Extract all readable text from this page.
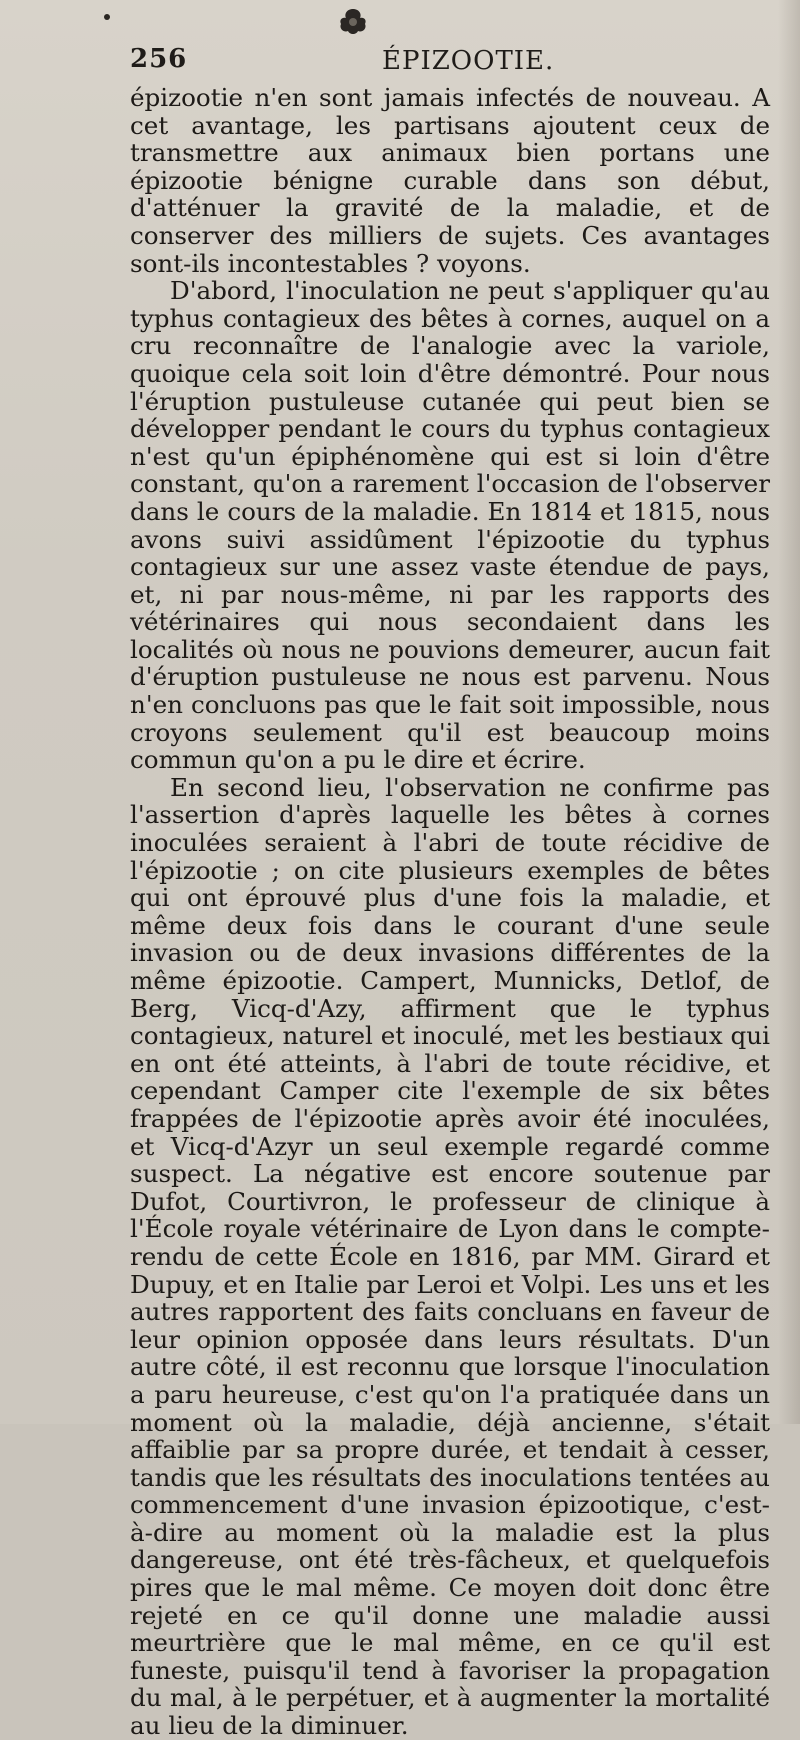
256	ÉPIZOOTIE.

épizootie n'en sont jamais infectés de nouveau. A cet avantage, les partisans ajoutent ceux de transmettre aux animaux bien portans une épizootie bénigne curable dans son début, d'atténuer la gravité de la maladie, et de conserver des milliers de sujets. Ces avantages sont-ils incontestables ? voyons.

D'abord, l'inoculation ne peut s'appliquer qu'au typhus contagieux des bêtes à cornes, auquel on a cru reconnaître de l'analogie avec la variole, quoique cela soit loin d'être démontré. Pour nous l'éruption pustuleuse cutanée qui peut bien se développer pendant le cours du typhus contagieux n'est qu'un épiphénomène qui est si loin d'être constant, qu'on a rarement l'occasion de l'observer dans le cours de la maladie. En 1814 et 1815, nous avons suivi assidûment l'épizootie du typhus contagieux sur une assez vaste étendue de pays, et, ni par nous-même, ni par les rapports des vétérinaires qui nous secondaient dans les localités où nous ne pouvions demeurer, aucun fait d'éruption pustuleuse ne nous est parvenu. Nous n'en concluons pas que le fait soit impossible, nous croyons seulement qu'il est beaucoup moins commun qu'on a pu le dire et écrire.

En second lieu, l'observation ne confirme pas l'assertion d'après laquelle les bêtes à cornes inoculées seraient à l'abri de toute récidive de l'épizootie ; on cite plusieurs exemples de bêtes qui ont éprouvé plus d'une fois la maladie, et même deux fois dans le courant d'une seule invasion ou de deux invasions différentes de la même épizootie. Campert, Munnicks, Detlof, de Berg, Vicq-d'Azy, affirment que le typhus contagieux, naturel et inoculé, met les bestiaux qui en ont été atteints, à l'abri de toute récidive, et cependant Camper cite l'exemple de six bêtes frappées de l'épizootie après avoir été inoculées, et Vicq-d'Azyr un seul exemple regardé comme suspect. La négative est encore soutenue par Dufot, Courtivron, le professeur de clinique à l'École royale vétérinaire de Lyon dans le compte-rendu de cette École en 1816, par MM. Girard et Dupuy, et en Italie par Leroi et Volpi. Les uns et les autres rapportent des faits concluans en faveur de leur opinion opposée dans leurs résultats. D'un autre côté, il est reconnu que lorsque l'inoculation a paru heureuse, c'est qu'on l'a pratiquée dans un moment où la maladie, déjà ancienne, s'était affaiblie par sa propre durée, et tendait à cesser, tandis que les résultats des inoculations tentées au commencement d'une invasion épizootique, c'est-à-dire au moment où la maladie est la plus dangereuse, ont été très-fâcheux, et quelquefois pires que le mal même. Ce moyen doit donc être rejeté en ce qu'il donne une maladie aussi meurtrière que le mal même, en ce qu'il est funeste, puisqu'il tend à favoriser la propagation du mal, à le perpétuer, et à augmenter la mortalité au lieu de la diminuer.
